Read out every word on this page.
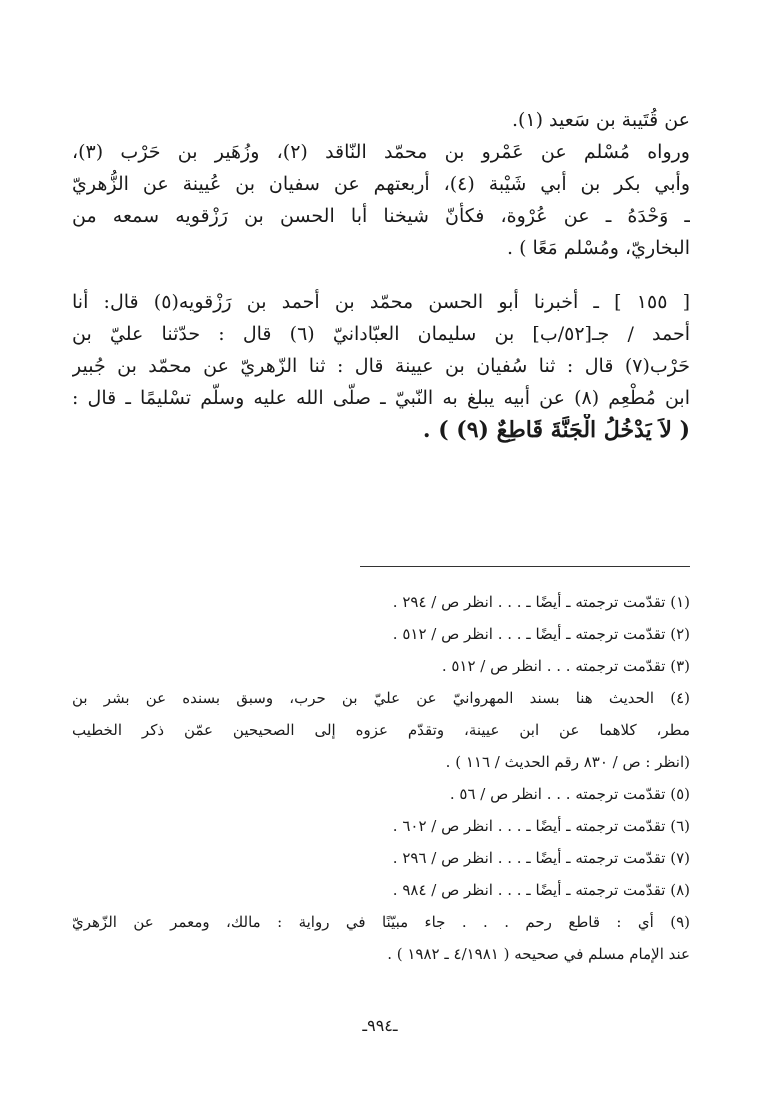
عن قُتَيبة بن سَعيد (١).
ورواه مُسْلم عن عَمْرو بن محمّد النّاقد (٢)، وزُهَير بن حَرْب (٣)،
وأبي بكر بن أبي شَيْبة (٤)، أربعتهم عن سفيان بن عُيينة عن الزُّهريّ
ـ وَحْدَهُ ـ عن عُرْوة، فكأنّ شيخنا أبا الحسن بن رَزْقويه سمعه من
البخاريّ، ومُسْلم مَعًا ) .
[ ١٥٥ ] ـ أخبرنا أبو الحسن محمّد بن أحمد بن رَزْقويه(٥) قال: أنا
أحمد / جـ[٥٢/ب] بن سليمان العبّادانيّ (٦) قال : حدّثنا عليّ بن
حَرْب(٧) قال : ثنا سُفيان بن عيينة قال : ثنا الزّهريّ عن محمّد بن جُبير
ابن مُطْعِم (٨) عن أبيه يبلغ به النّبيّ ـ صلّى الله عليه وسلّم تسْليمًا ـ قال :
( لاَ يَدْخُلُ الْجَنَّةَ قَاطِعٌ (٩) ) .
(١) تقدّمت ترجمته ـ أيضًا ـ . . . انظر ص / ٢٩٤ .
(٢) تقدّمت ترجمته ـ أيضًا ـ . . . انظر ص / ٥١٢ .
(٣) تقدّمت ترجمته . . . انظر ص / ٥١٢ .
(٤) الحديث هنا بسند المهروانيّ عن عليّ بن حرب، وسبق بسنده عن بشر بن
مطر، كلاهما عن ابن عيينة، وتقدّم عزوه إلى الصحيحين عمّن ذكر الخطيب
(انظر : ص / ٨٣٠ رقم الحديث / ١١٦ ) .
(٥) تقدّمت ترجمته . . . انظر ص / ٥٦ .
(٦) تقدّمت ترجمته ـ أيضًا ـ . . . انظر ص / ٦٠٢ .
(٧) تقدّمت ترجمته ـ أيضًا ـ . . . انظر ص / ٢٩٦ .
(٨) تقدّمت ترجمته ـ أيضًا ـ . . . انظر ص / ٩٨٤ .
(٩) أي : قاطع رحم . . . جاء مبيّنًا في رواية : مالك، ومعمر عن الزّهريّ
عند الإمام مسلم في صحيحه ( ٤/١٩٨١ ـ ١٩٨٢ ) .
ـ٩٩٤ـ
